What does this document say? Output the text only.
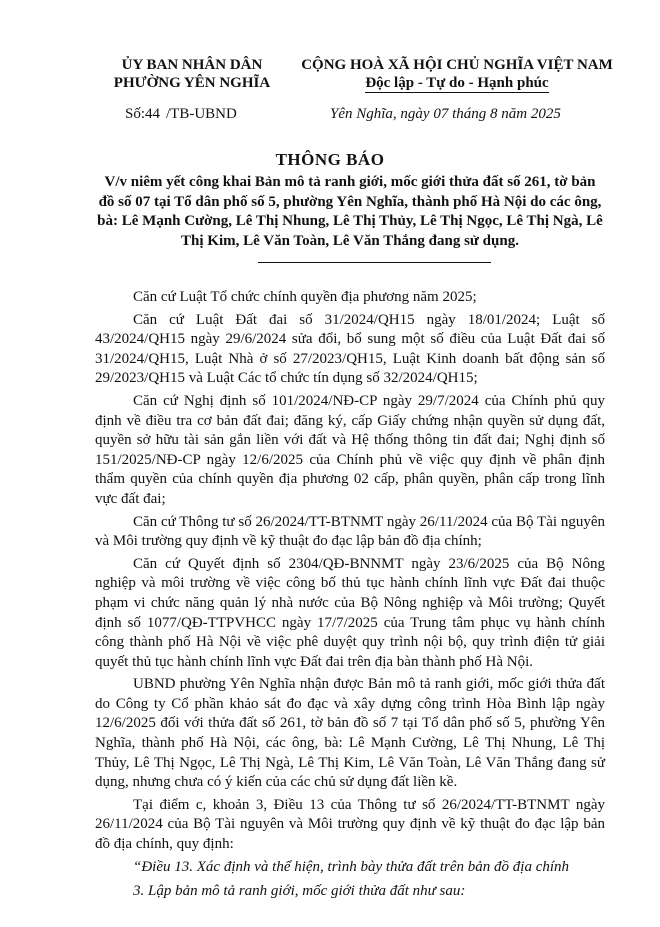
ỦY BAN NHÂN DÂN
PHƯỜNG YÊN NGHĨA
CỘNG HOÀ XÃ HỘI CHỦ NGHĨA VIỆT NAM
Độc lập - Tự do - Hạnh phúc
Số:44 /TB-UBND	Yên Nghĩa, ngày 07 tháng 8 năm 2025
THÔNG BÁO
V/v niêm yết công khai Bản mô tả ranh giới, mốc giới thửa đất số 261, tờ bản đồ số 07 tại Tổ dân phố số 5, phường Yên Nghĩa, thành phố Hà Nội do các ông, bà: Lê Mạnh Cường, Lê Thị Nhung, Lê Thị Thủy, Lê Thị Ngọc, Lê Thị Ngà, Lê Thị Kim, Lê Văn Toàn, Lê Văn Thắng đang sử dụng.

Căn cứ Luật Tổ chức chính quyền địa phương năm 2025;

Căn cứ Luật Đất đai số 31/2024/QH15 ngày 18/01/2024; Luật số 43/2024/QH15 ngày 29/6/2024 sửa đổi, bổ sung một số điều của Luật Đất đai số 31/2024/QH15, Luật Nhà ở số 27/2023/QH15, Luật Kinh doanh bất động sản số 29/2023/QH15 và Luật Các tổ chức tín dụng số 32/2024/QH15;

Căn cứ Nghị định số 101/2024/NĐ-CP ngày 29/7/2024 của Chính phủ quy định về điều tra cơ bản đất đai; đăng ký, cấp Giấy chứng nhận quyền sử dụng đất, quyền sở hữu tài sản gắn liền với đất và Hệ thống thông tin đất đai; Nghị định số 151/2025/NĐ-CP ngày 12/6/2025 của Chính phủ về việc quy định về phân định thẩm quyền của chính quyền địa phương 02 cấp, phân quyền, phân cấp trong lĩnh vực đất đai;

Căn cứ Thông tư số 26/2024/TT-BTNMT ngày 26/11/2024 của Bộ Tài nguyên và Môi trường quy định về kỹ thuật đo đạc lập bản đồ địa chính;

Căn cứ Quyết định số 2304/QĐ-BNNMT ngày 23/6/2025 của Bộ Nông nghiệp và môi trường về việc công bố thủ tục hành chính lĩnh vực Đất đai thuộc phạm vi chức năng quản lý nhà nước của Bộ Nông nghiệp và Môi trường; Quyết định số 1077/QĐ-TTPVHCC ngày 17/7/2025 của Trung tâm phục vụ hành chính công thành phố Hà Nội về việc phê duyệt quy trình nội bộ, quy trình điện tử giải quyết thủ tục hành chính lĩnh vực Đất đai trên địa bàn thành phố Hà Nội.

UBND phường Yên Nghĩa nhận được Bản mô tả ranh giới, mốc giới thửa đất do Công ty Cổ phần khảo sát đo đạc và xây dựng công trình Hòa Bình lập ngày 12/6/2025 đối với thửa đất số 261, tờ bản đồ số 7 tại Tổ dân phố số 5, phường Yên Nghĩa, thành phố Hà Nội, các ông, bà: Lê Mạnh Cường, Lê Thị Nhung, Lê Thị Thủy, Lê Thị Ngọc, Lê Thị Ngà, Lê Thị Kim, Lê Văn Toàn, Lê Văn Thắng đang sử dụng, nhưng chưa có ý kiến của các chủ sử dụng đất liền kề.

Tại điểm c, khoản 3, Điều 13 của Thông tư số 26/2024/TT-BTNMT ngày 26/11/2024 của Bộ Tài nguyên và Môi trường quy định về kỹ thuật đo đạc lập bản đồ địa chính, quy định:

“Điều 13. Xác định và thể hiện, trình bày thửa đất trên bản đồ địa chính

3. Lập bản mô tả ranh giới, mốc giới thửa đất như sau:
